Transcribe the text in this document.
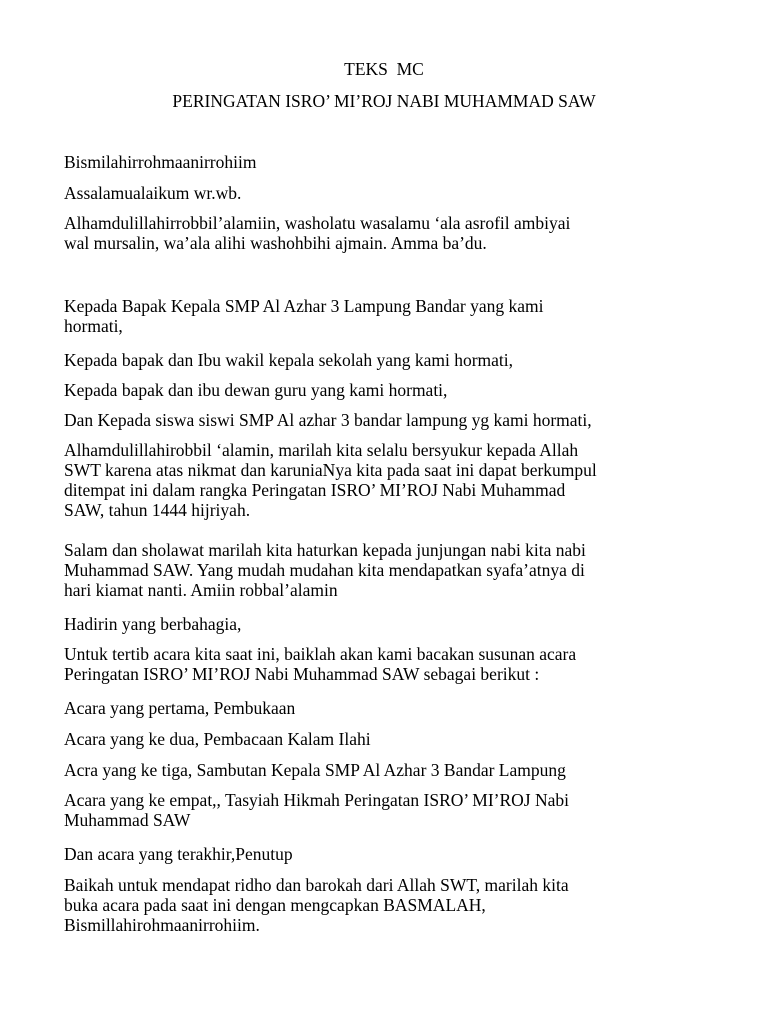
TEKS  MC
PERINGATAN ISRO’ MI’ROJ NABI MUHAMMAD SAW

Bismilahirrohmaanirrohiim

Assalamualaikum wr.wb.

Alhamdulillahirrobbil’alamiin, washolatu wasalamu ‘ala asrofil ambiyai
wal mursalin, wa’ala alihi washohbihi ajmain. Amma ba’du.

Kepada Bapak Kepala SMP Al Azhar 3 Lampung Bandar yang kami
hormati,

Kepada bapak dan Ibu wakil kepala sekolah yang kami hormati,

Kepada bapak dan ibu dewan guru yang kami hormati,

Dan Kepada siswa siswi SMP Al azhar 3 bandar lampung yg kami hormati,

Alhamdulillahirobbil ‘alamin, marilah kita selalu bersyukur kepada Allah
SWT karena atas nikmat dan karuniaNya kita pada saat ini dapat berkumpul
ditempat ini dalam rangka Peringatan ISRO’ MI’ROJ Nabi Muhammad
SAW, tahun 1444 hijriyah.

Salam dan sholawat marilah kita haturkan kepada junjungan nabi kita nabi
Muhammad SAW. Yang mudah mudahan kita mendapatkan syafa’atnya di
hari kiamat nanti. Amiin robbal’alamin

Hadirin yang berbahagia,

Untuk tertib acara kita saat ini, baiklah akan kami bacakan susunan acara
Peringatan ISRO’ MI’ROJ Nabi Muhammad SAW sebagai berikut :

Acara yang pertama, Pembukaan

Acara yang ke dua, Pembacaan Kalam Ilahi

Acra yang ke tiga, Sambutan Kepala SMP Al Azhar 3 Bandar Lampung

Acara yang ke empat,, Tasyiah Hikmah Peringatan ISRO’ MI’ROJ Nabi
Muhammad SAW

Dan acara yang terakhir,Penutup

Baikah untuk mendapat ridho dan barokah dari Allah SWT, marilah kita
buka acara pada saat ini dengan mengcapkan BASMALAH,
Bismillahirohmaanirrohiim.
